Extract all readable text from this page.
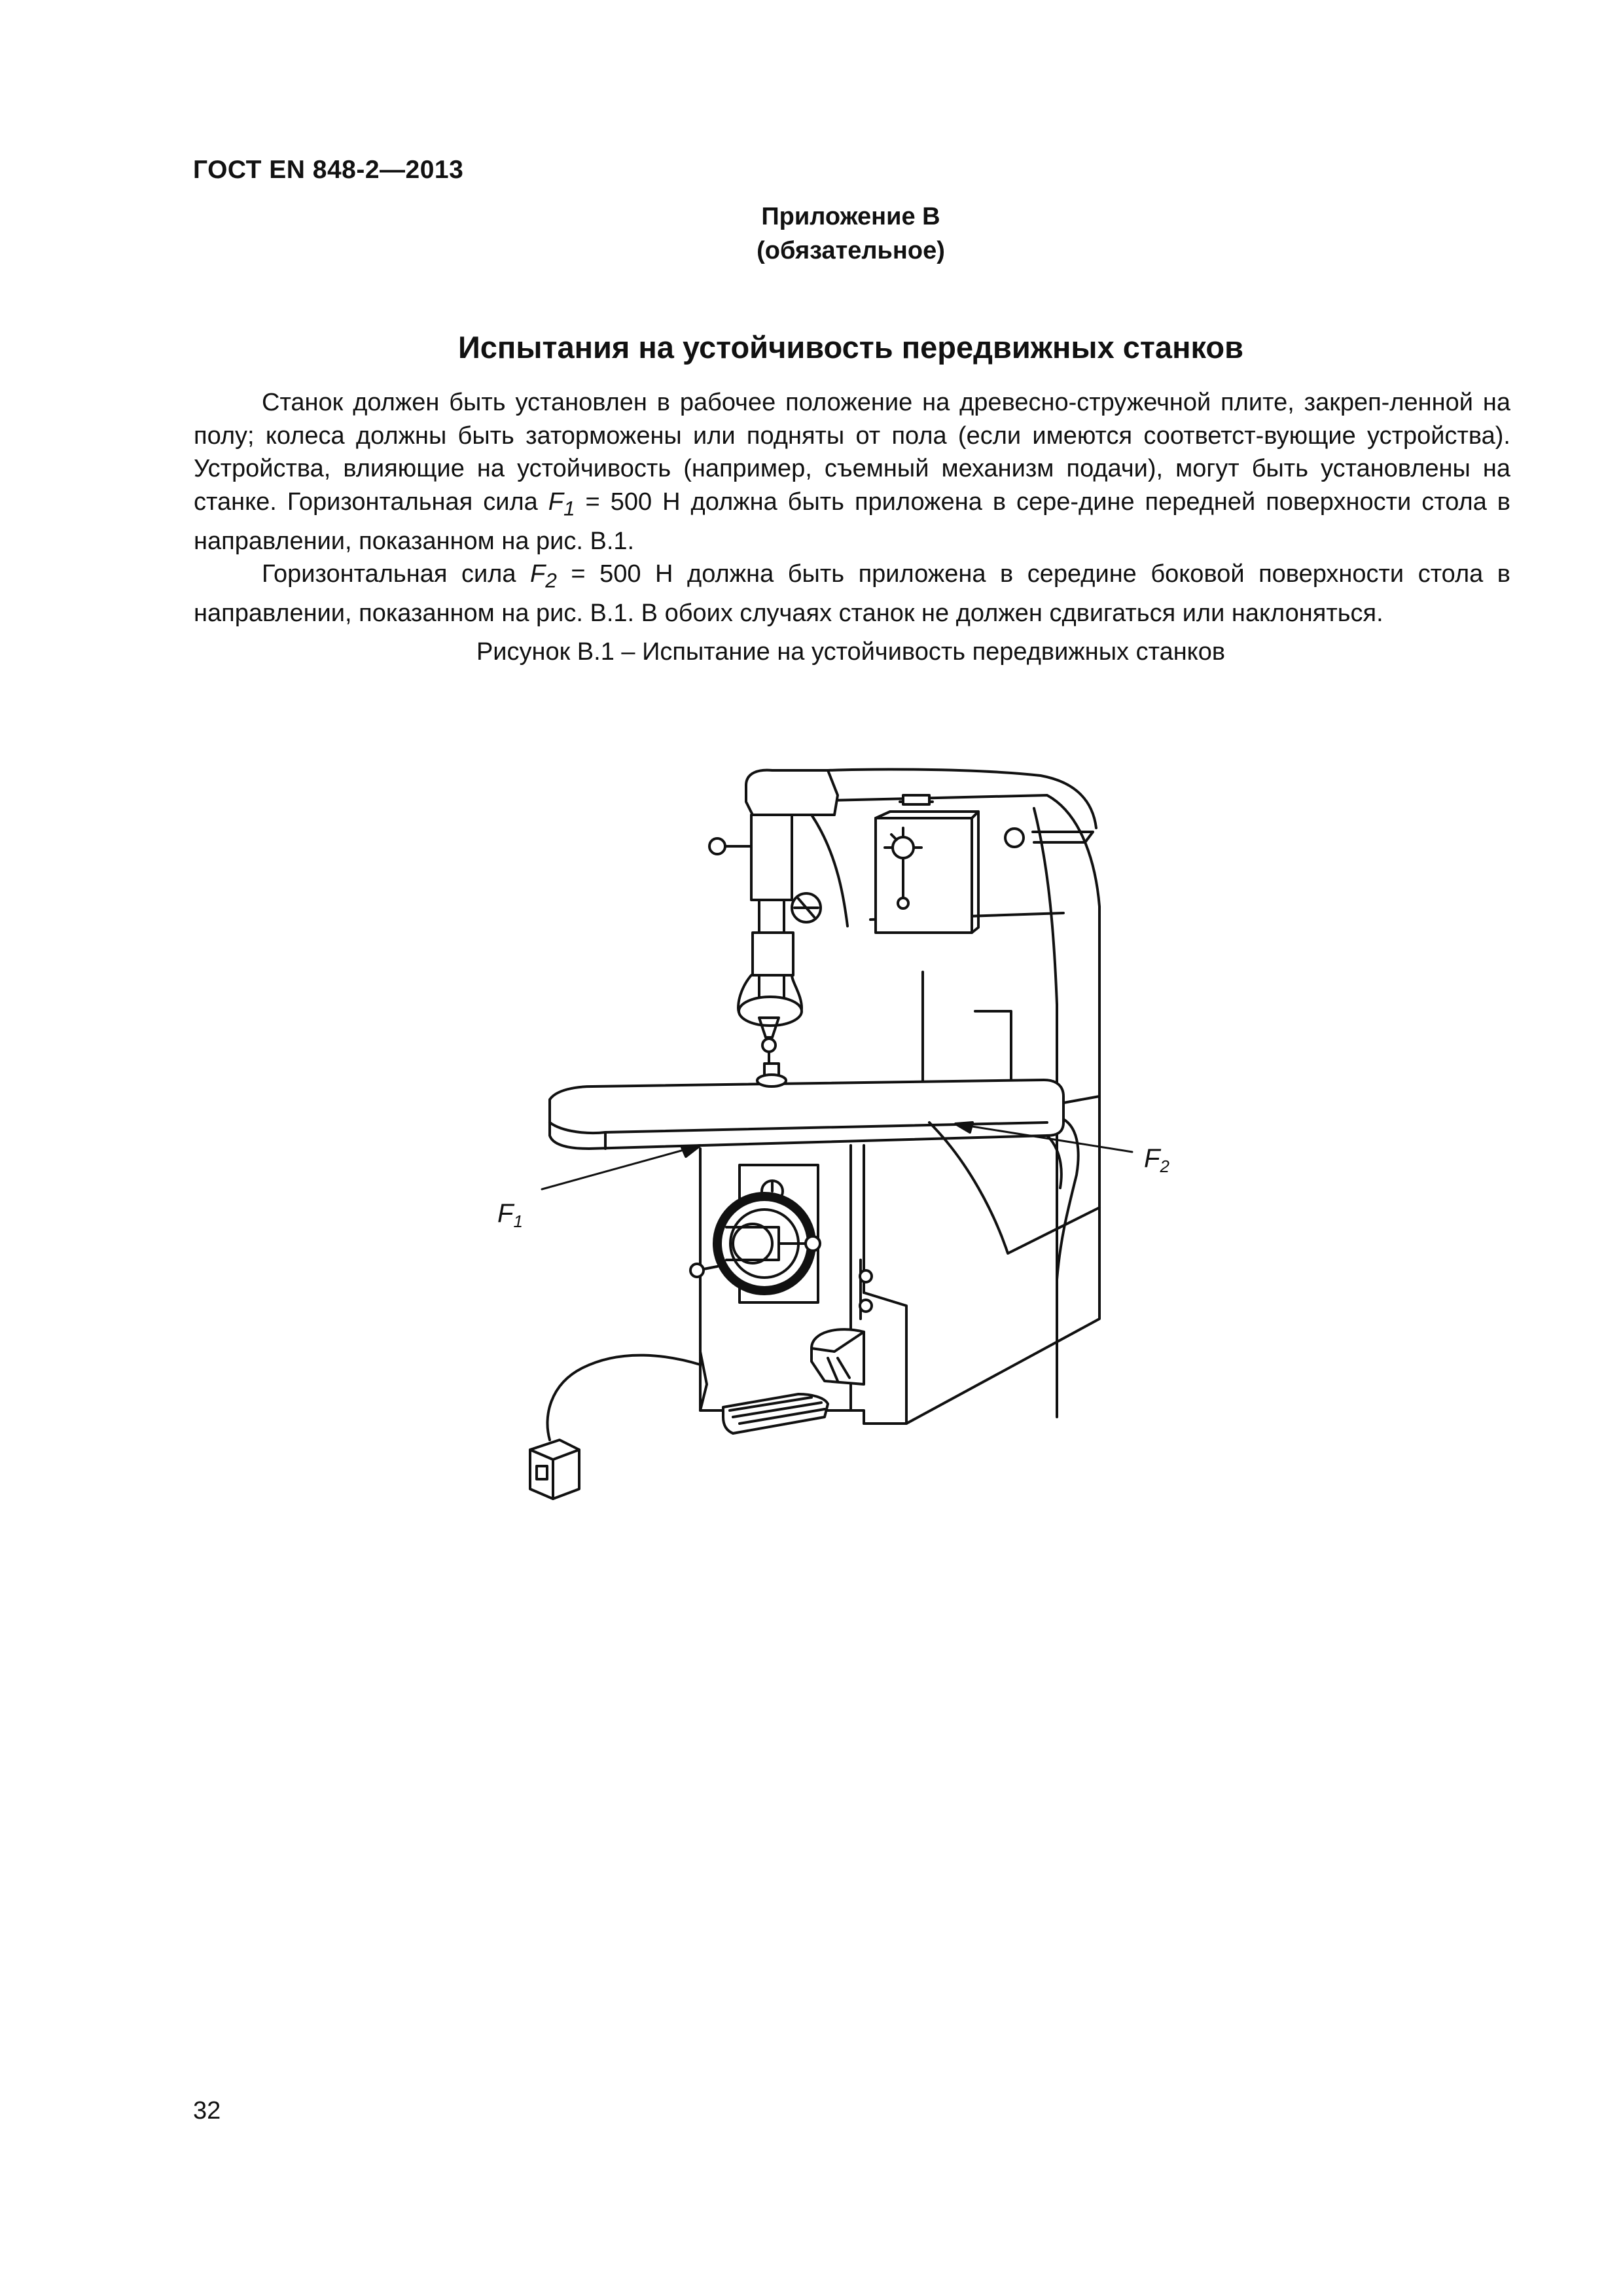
ГОСТ EN 848-2—2013
Приложение В
(обязательное)
Испытания на устойчивость передвижных станков

Станок должен быть установлен в рабочее положение на древесно-стружечной плите, закреп-ленной на полу; колеса должны быть заторможены или подняты от пола (если имеются соответст-вующие устройства). Устройства, влияющие на устойчивость (например, съемный механизм подачи), могут быть установлены на станке. Горизонтальная сила $F_1 = 500$ Н должна быть приложена в сере-дине передней поверхности стола в направлении, показанном на рис. В.1.

Горизонтальная сила $F_2 = 500$ Н должна быть приложена в середине боковой поверхности стола в направлении, показанном на рис. В.1. В обоих случаях станок не должен сдвигаться или наклоняться.

Рисунок В.1 – Испытание на устойчивость передвижных станков
$F_1$
$F_2$
32
